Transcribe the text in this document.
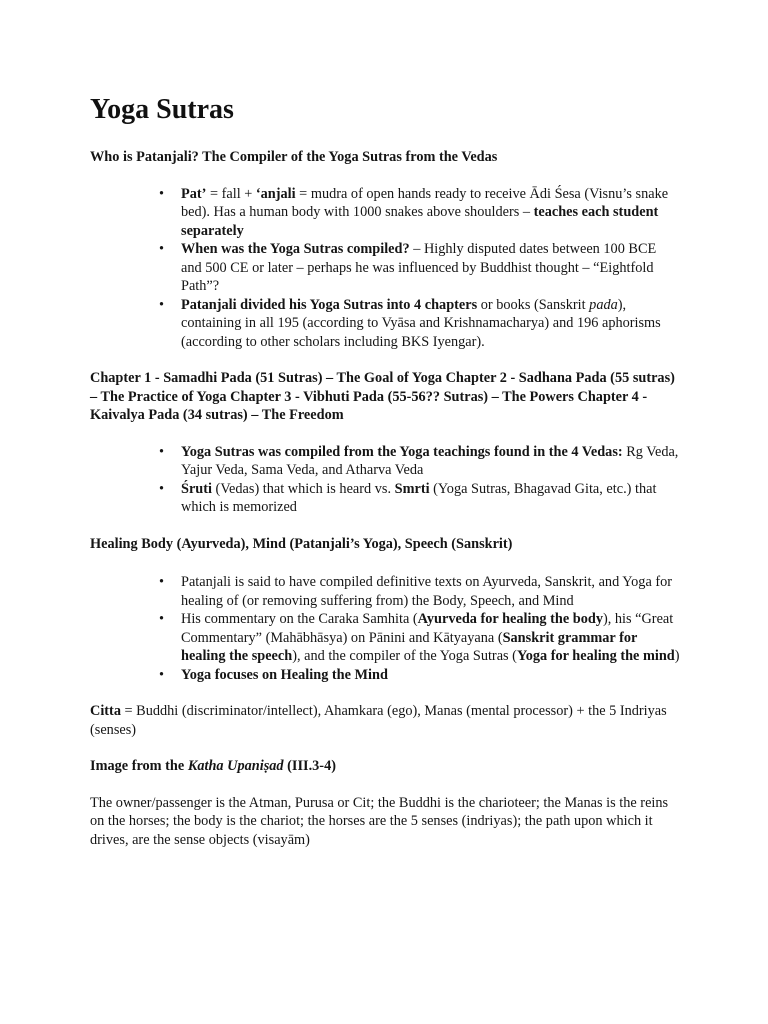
Yoga Sutras

Who is Patanjali? The Compiler of the Yoga Sutras from the Vedas

• Pat’ = fall + ‘anjali = mudra of open hands ready to receive Ādi Śesa (Visnu’s snake bed). Has a human body with 1000 snakes above shoulders – teaches each student separately
• When was the Yoga Sutras compiled? – Highly disputed dates between 100 BCE and 500 CE or later – perhaps he was influenced by Buddhist thought – “Eightfold Path”?
• Patanjali divided his Yoga Sutras into 4 chapters or books (Sanskrit pada), containing in all 195 (according to Vyāsa and Krishnamacharya) and 196 aphorisms (according to other scholars including BKS Iyengar).

Chapter 1 - Samadhi Pada (51 Sutras) – The Goal of Yoga Chapter 2 - Sadhana Pada (55 sutras) – The Practice of Yoga Chapter 3 - Vibhuti Pada (55-56?? Sutras) – The Powers Chapter 4 - Kaivalya Pada (34 sutras) – The Freedom

• Yoga Sutras was compiled from the Yoga teachings found in the 4 Vedas: Rg Veda, Yajur Veda, Sama Veda, and Atharva Veda
• Śruti (Vedas) that which is heard vs. Smrti (Yoga Sutras, Bhagavad Gita, etc.) that which is memorized

Healing Body (Ayurveda), Mind (Patanjali’s Yoga), Speech (Sanskrit)

• Patanjali is said to have compiled definitive texts on Ayurveda, Sanskrit, and Yoga for healing of (or removing suffering from) the Body, Speech, and Mind
• His commentary on the Caraka Samhita (Ayurveda for healing the body), his “Great Commentary” (Mahābhāsya) on Pānini and Kātyayana (Sanskrit grammar for healing the speech), and the compiler of the Yoga Sutras (Yoga for healing the mind)
• Yoga focuses on Healing the Mind

Citta = Buddhi (discriminator/intellect), Ahamkara (ego), Manas (mental processor) + the 5 Indriyas (senses)

Image from the Katha Upaniṣad (III.3-4)

The owner/passenger is the Atman, Purusa or Cit; the Buddhi is the charioteer; the Manas is the reins on the horses; the body is the chariot; the horses are the 5 senses (indriyas); the path upon which it drives, are the sense objects (visayām)
